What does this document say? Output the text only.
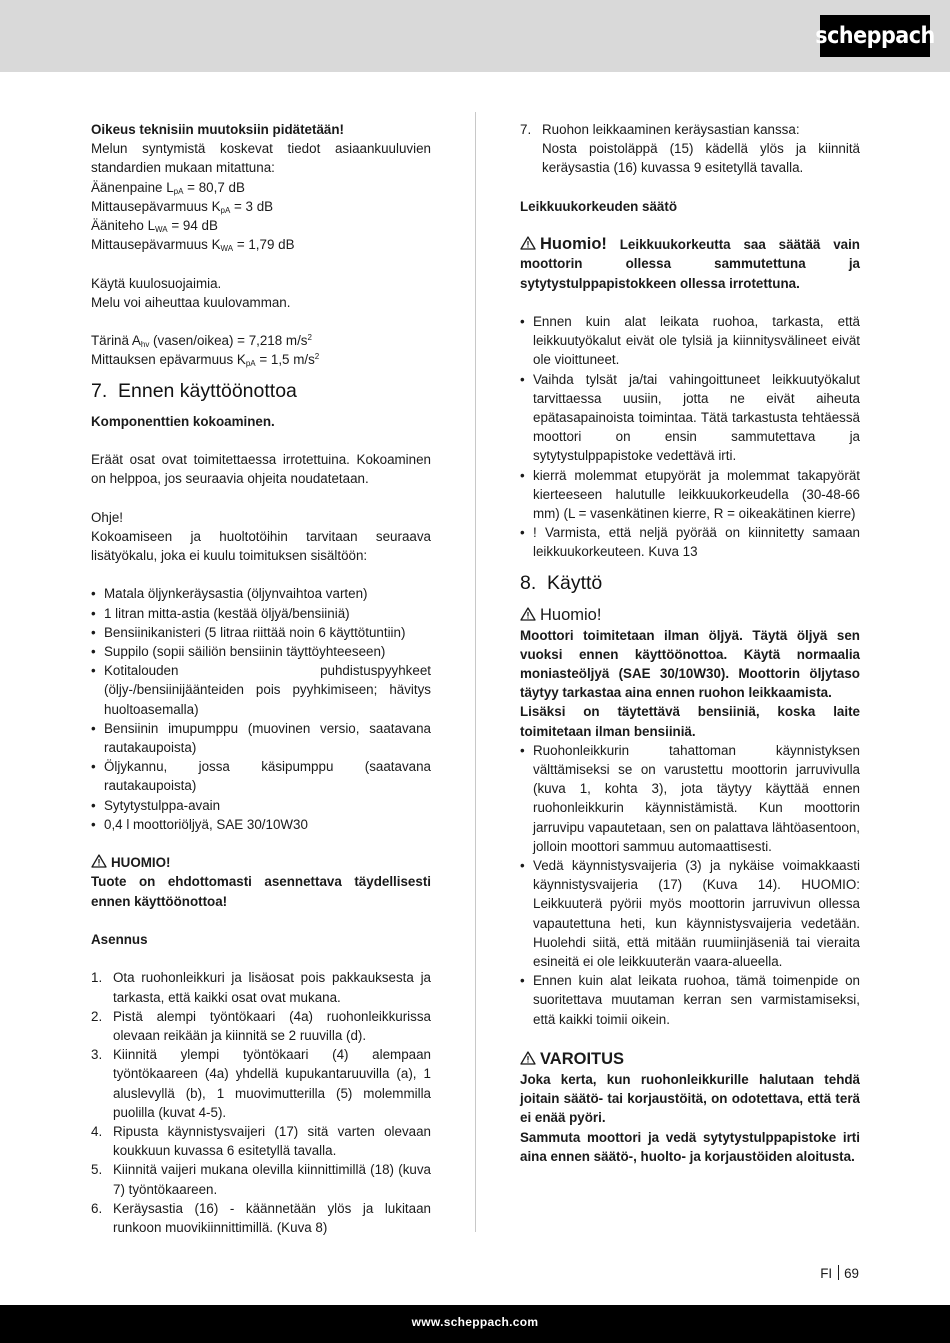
scheppach
Oikeus teknisiin muutoksiin pidätetään!
Melun syntymistä koskevat tiedot asiaankuuluvien standardien mukaan mitattuna:
Äänenpaine $L_{pA} = 80,7$ dB
Mittausepävarmuus $K_{pA} = 3$ dB
Ääniteho $L_{WA} = 94$ dB
Mittausepävarmuus $K_{WA} = 1,79$ dB
Käytä kuulosuojaimia.
Melu voi aiheuttaa kuulovamman.
Tärinä $A_{hv}$ (vasen/oikea) = 7,218 $m/s^2$
Mittauksen epävarmuus $K_{pA} = 1,5$ $m/s^2$
7. Ennen käyttöönottoa
Komponenttien kokoaminen.
Eräät osat ovat toimitettaessa irrotettuina. Kokoaminen on helppoa, jos seuraavia ohjeita noudatetaan.
Ohje!
Kokoamiseen ja huoltotöihin tarvitaan seuraava lisätyökalu, joka ei kuulu toimituksen sisältöön:
• Matala öljynkeräysastia (öljynvaihtoa varten)
• 1 litran mitta-astia (kestää öljyä/bensiiniä)
• Bensiinikanisteri (5 litraa riittää noin 6 käyttötuntiin)
• Suppilo (sopii säiliön bensiinin täyttöyhteeseen)
• Kotitalouden puhdistuspyyhkeet (öljy-/bensiinijäänteiden pois pyyhkimiseen; hävitys huoltoasemalla)
• Bensiinin imupumppu (muovinen versio, saatavana rautakaupoista)
• Öljykannu, jossa käsipumppu (saatavana rautakaupoista)
• Sytytystulppa-avain
• 0,4 l moottoriöljyä, SAE 30/10W30
HUOMIO!
Tuote on ehdottomasti asennettava täydellisesti ennen käyttöönottoa!
Asennus
1. Ota ruohonleikkuri ja lisäosat pois pakkauksesta ja tarkasta, että kaikki osat ovat mukana.
2. Pistä alempi työntökaari (4a) ruohonleikkurissa olevaan reikään ja kiinnitä se 2 ruuvilla (d).
3. Kiinnitä ylempi työntökaari (4) alempaan työntökaareen (4a) yhdellä kupukantaruuvilla (a), 1 aluslevyllä (b), 1 muovimutterilla (5) molemmilla puolilla (kuvat 4-5).
4. Ripusta käynnistysvaijeri (17) sitä varten olevaan koukkuun kuvassa 6 esitetyllä tavalla.
5. Kiinnitä vaijeri mukana olevilla kiinnittimillä (18) (kuva 7) työntökaareen.
6. Keräysastia (16) - käännetään ylös ja lukitaan runkoon muovikiinnittimillä. (Kuva 8)
7. Ruohon leikkaaminen keräysastian kanssa:

Nosta poistoläppä (15) kädellä ylös ja kiinnitä keräysastia (16) kuvassa 9 esitetyllä tavalla.
Leikkuukorkeuden säätö
Huomio! Leikkuukorkeutta saa säätää vain moottorin ollessa sammutettuna ja sytytystulppapistokkeen ollessa irrotettuna.
• Ennen kuin alat leikata ruohoa, tarkasta, että leikkuutyökalut eivät ole tylsiä ja kiinnitysvälineet eivät ole vioittuneet.
• Vaihda tylsät ja/tai vahingoittuneet leikkuutyökalut tarvittaessa uusiin, jotta ne eivät aiheuta epätasapainoista toimintaa. Tätä tarkastusta tehtäessä moottori on ensin sammutettava ja sytytystulppapistoke vedettävä irti.
• kierrä molemmat etupyörät ja molemmat takapyörät kierteeseen halutulle leikkuukorkeudella (30-48-66 mm) (L = vasenkätinen kierre, R = oikeakätinen kierre)
• ! Varmista, että neljä pyörää on kiinnitetty samaan leikkuukorkeuteen. Kuva 13
8. Käyttö
Huomio!
Moottori toimitetaan ilman öljyä. Täytä öljyä sen vuoksi ennen käyttöönottoa. Käytä normaalia moniasteöljyä (SAE 30/10W30). Moottorin öljytaso täytyy tarkastaa aina ennen ruohon leikkaamista.
Lisäksi on täytettävä bensiiniä, koska laite toimitetaan ilman bensiiniä.
• Ruohonleikkurin tahattoman käynnistyksen välttämiseksi se on varustettu moottorin jarruvivulla (kuva 1, kohta 3), jota täytyy käyttää ennen ruohonleikkurin käynnistämistä. Kun moottorin jarruvipu vapautetaan, sen on palattava lähtöasentoon, jolloin moottori sammuu automaattisesti.
• Vedä käynnistysvaijeria (3) ja nykäise voimakkaasti käynnistysvaijeria (17) (Kuva 14). HUOMIO: Leikkuuterä pyörii myös moottorin jarruvivun ollessa vapautettuna heti, kun käynnistysvaijeria vedetään. Huolehdi siitä, että mitään ruumiinjäseniä tai vieraita esineitä ei ole leikkuuterän vaara-alueella.
• Ennen kuin alat leikata ruohoa, tämä toimenpide on suoritettava muutaman kerran sen varmistamiseksi, että kaikki toimii oikein.
VAROITUS
Joka kerta, kun ruohonleikkurille halutaan tehdä joitain säätö- tai korjaustöitä, on odotettava, että terä ei enää pyöri.
Sammuta moottori ja vedä sytytystulppapistoke irti aina ennen säätö-, huolto- ja korjaustöiden aloitusta.
FI 69
www.scheppach.com
